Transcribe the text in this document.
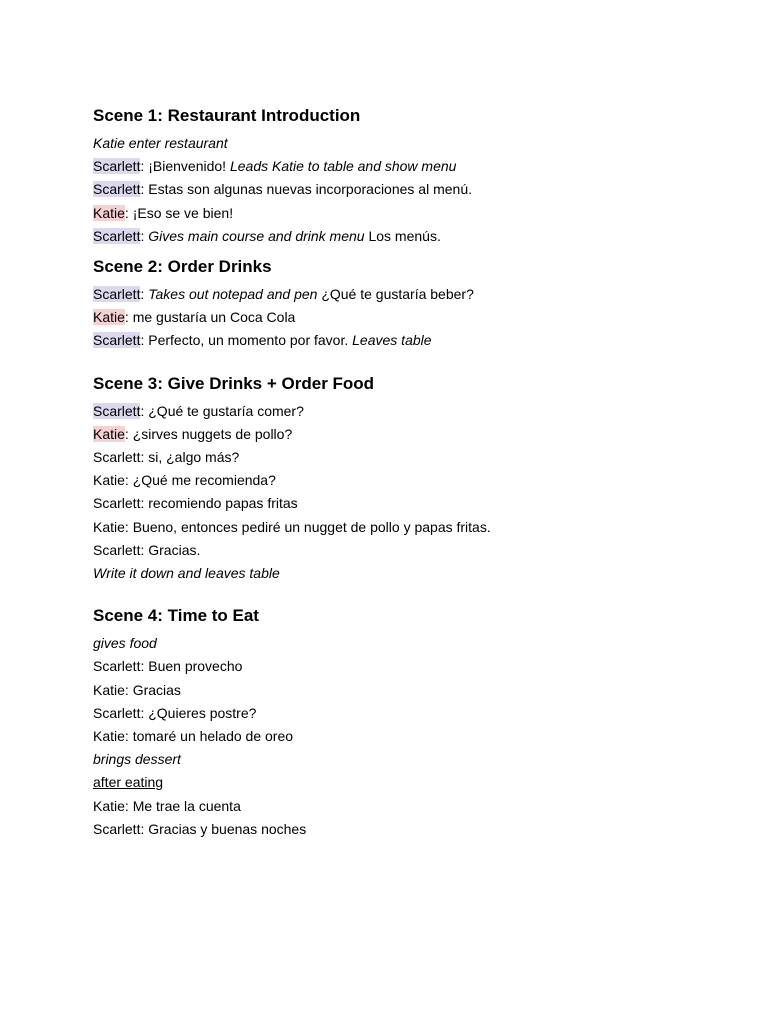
Scene 1: Restaurant Introduction
Katie enter restaurant
Scarlett: ¡Bienvenido! Leads Katie to table and show menu
Scarlett: Estas son algunas nuevas incorporaciones al menú.
Katie: ¡Eso se ve bien!
Scarlett: Gives main course and drink menu Los menús.
Scene 2: Order Drinks
Scarlett: Takes out notepad and pen ¿Qué te gustaría beber?
Katie: me gustaría un Coca Cola
Scarlett: Perfecto, un momento por favor. Leaves table
Scene 3: Give Drinks + Order Food
Scarlett: ¿Qué te gustaría comer?
Katie: ¿sirves nuggets de pollo?
Scarlett: si, ¿algo más?
Katie: ¿Qué me recomienda?
Scarlett: recomiendo papas fritas
Katie: Bueno, entonces pediré un nugget de pollo y papas fritas.
Scarlett: Gracias.
Write it down and leaves table
Scene 4: Time to Eat
gives food
Scarlett: Buen provecho
Katie: Gracias
Scarlett: ¿Quieres postre?
Katie: tomaré un helado de oreo
brings dessert
after eating
Katie: Me trae la cuenta
Scarlett: Gracias y buenas noches
